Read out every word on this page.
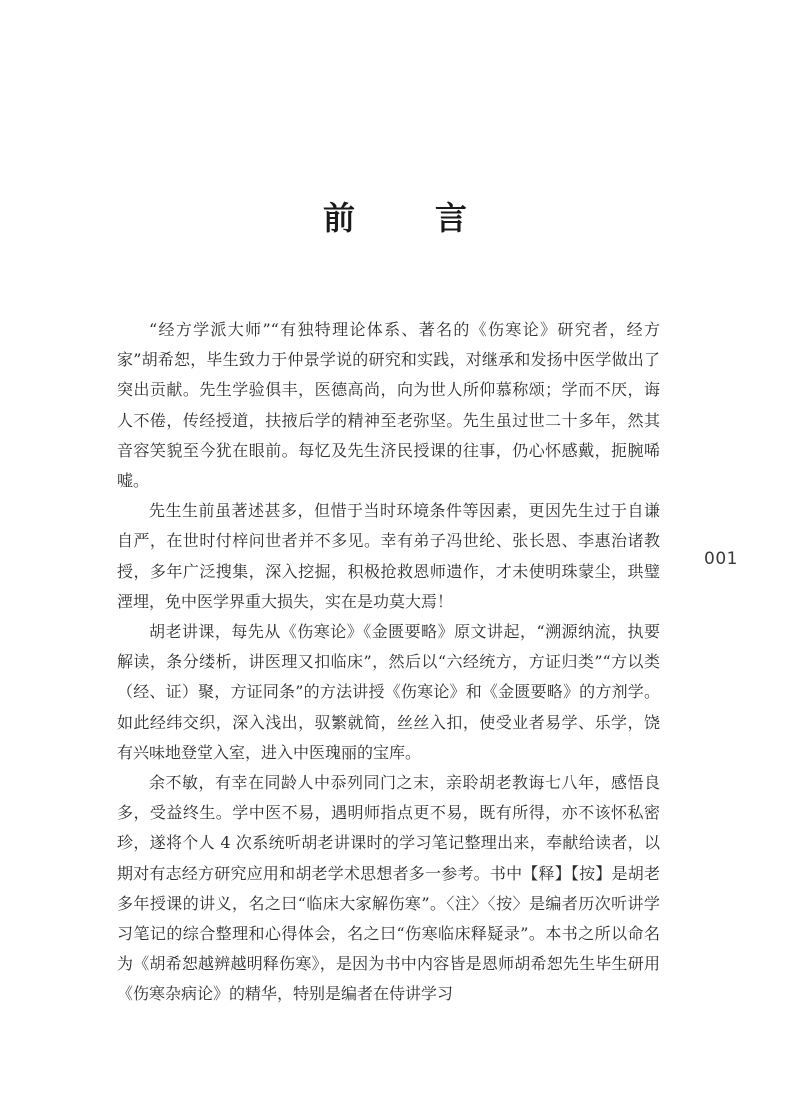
前　言

“经方学派大师”“有独特理论体系、著名的《伤寒论》研究者，经方家”胡希恕，毕生致力于仲景学说的研究和实践，对继承和发扬中医学做出了突出贡献。先生学验俱丰，医德高尚，向为世人所仰慕称颂；学而不厌，诲人不倦，传经授道，扶掖后学的精神至老弥坚。先生虽过世二十多年，然其音容笑貌至今犹在眼前。每忆及先生济民授课的往事，仍心怀感戴，扼腕唏嘘。

先生生前虽著述甚多，但惜于当时环境条件等因素，更因先生过于自谦自严，在世时付梓问世者并不多见。幸有弟子冯世纶、张长恩、李惠治诸教授，多年广泛搜集，深入挖掘，积极抢救恩师遗作，才未使明珠蒙尘，珙璧湮埋，免中医学界重大损失，实在是功莫大焉！

胡老讲课，每先从《伤寒论》《金匮要略》原文讲起，“溯源纳流，执要解读，条分缕析，讲医理又扣临床”，然后以“六经统方，方证归类”“方以类（经、证）聚，方证同条”的方法讲授《伤寒论》和《金匮要略》的方剂学。如此经纬交织，深入浅出，驭繁就简，丝丝入扣，使受业者易学、乐学，饶有兴味地登堂入室，进入中医瑰丽的宝库。

余不敏，有幸在同龄人中忝列同门之末，亲聆胡老教诲七八年，感悟良多，受益终生。学中医不易，遇明师指点更不易，既有所得，亦不该怀私密珍，遂将个人 4 次系统听胡老讲课时的学习笔记整理出来，奉献给读者，以期对有志经方研究应用和胡老学术思想者多一参考。书中【释】【按】是胡老多年授课的讲义，名之曰“临床大家解伤寒”。〈注〉〈按〉是编者历次听讲学习笔记的综合整理和心得体会，名之曰“伤寒临床释疑录”。本书之所以命名为《胡希恕越辨越明释伤寒》，是因为书中内容皆是恩师胡希恕先生毕生研用《伤寒杂病论》的精华，特别是编者在侍讲学习

001
